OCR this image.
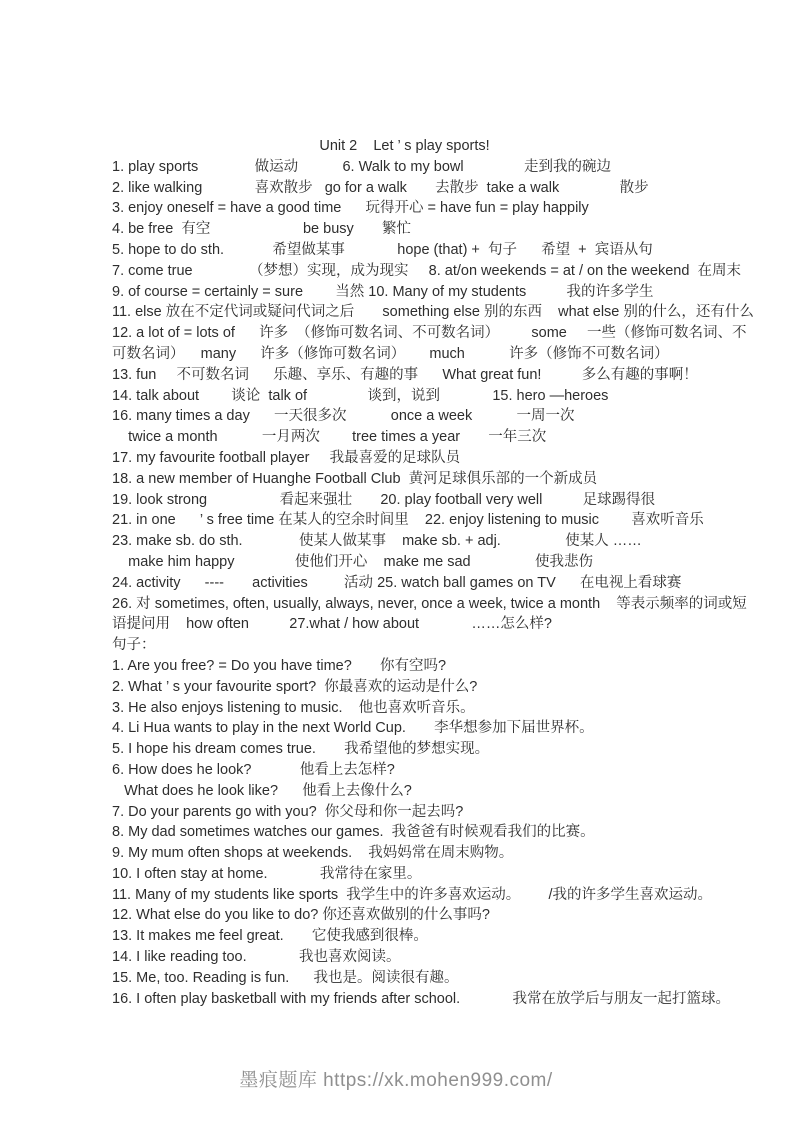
Unit 2    Let ’ s play sports!
1. play sports              做运动           6. Walk to my bowl               走到我的碗边
2. like walking             喜欢散步   go for a walk       去散步  take a walk               散步
3. enjoy oneself = have a good time      玩得开心 = have fun = play happily
4. be free  有空                       be busy       繁忙
5. hope to do sth.            希望做某事             hope (that) +  句子      希望  +  宾语从句
7. come true              （梦想）实现，成为现实     8. at/on weekends = at / on the weekend  在周末
9. of course = certainly = sure        当然 10. Many of my students          我的许多学生
11. else 放在不定代词或疑问代词之后       something else 别的东西    what else 别的什么，还有什么
12. a lot of = lots of      许多  （修饰可数名词、不可数名词）        some     一些（修饰可数名词、不
可数名词）    many      许多（修饰可数名词）      much           许多（修饰不可数名词）
13. fun     不可数名词      乐趣、享乐、有趣的事      What great fun!          多么有趣的事啊！
14. talk about        谈论  talk of               谈到，说到             15. hero —heroes
16. many times a day      一天很多次           once a week           一周一次
twice a month           一月两次        tree times a year       一年三次
17. my favourite football player     我最喜爱的足球队员
18. a new member of Huanghe Football Club  黄河足球俱乐部的一个新成员
19. look strong                  看起来强壮       20. play football very well          足球踢得很
21. in one      ’ s free time 在某人的空余时间里    22. enjoy listening to music        喜欢听音乐
23. make sb. do sth.              使某人做某事    make sb. + adj.                使某人 ……
make him happy               使他们开心    make me sad                使我悲伤
24. activity      ----       activities         活动 25. watch ball games on TV      在电视上看球赛
26. 对 sometimes, often, usually, always, never, once a week, twice a month    等表示频率的词或短
语提问用    how often          27.what / how about             ……怎么样?
句子：
1. Are you free? = Do you have time?       你有空吗?
2. What ’ s your favourite sport?  你最喜欢的运动是什么?
3. He also enjoys listening to music.    他也喜欢听音乐。
4. Li Hua wants to play in the next World Cup.       李华想参加下届世界杯。
5. I hope his dream comes true.       我希望他的梦想实现。
6. How does he look?            他看上去怎样?
What does he look like?      他看上去像什么?
7. Do your parents go with you?  你父母和你一起去吗?
8. My dad sometimes watches our games.  我爸爸有时候观看我们的比赛。
9. My mum often shops at weekends.    我妈妈常在周末购物。
10. I often stay at home.             我常待在家里。
11. Many of my students like sports  我学生中的许多喜欢运动。       /我的许多学生喜欢运动。
12. What else do you like to do? 你还喜欢做别的什么事吗?
13. It makes me feel great.       它使我感到很棒。
14. I like reading too.             我也喜欢阅读。
15. Me, too. Reading is fun.      我也是。阅读很有趣。
16. I often play basketball with my friends after school.             我常在放学后与朋友一起打篮球。
墨痕题库 https://xk.mohen999.com/
